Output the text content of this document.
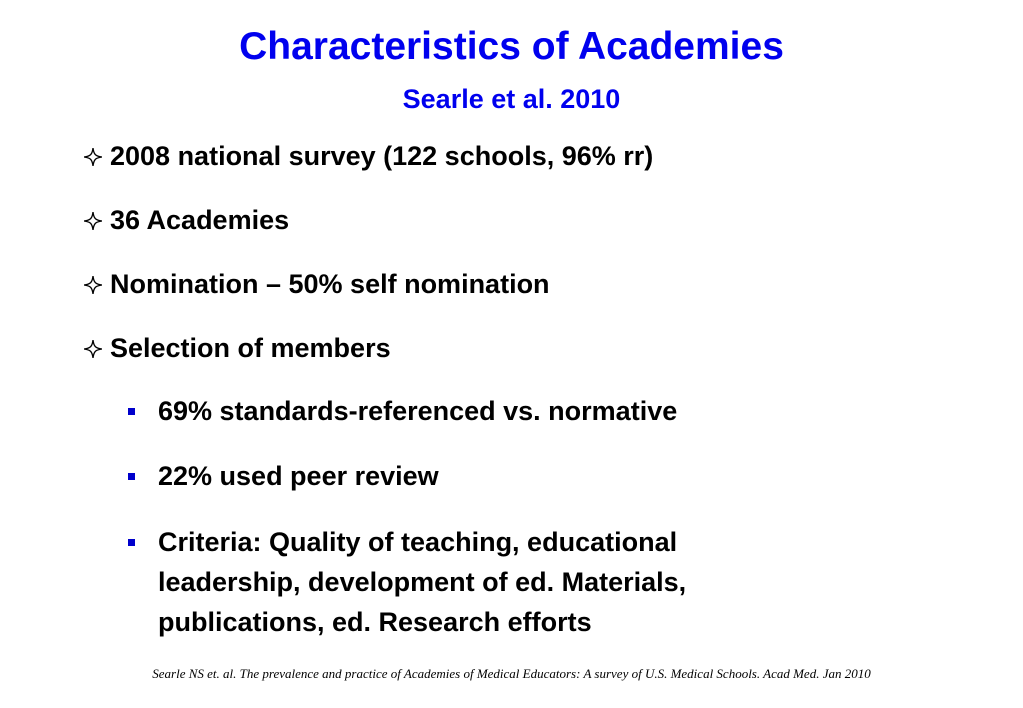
Characteristics of Academies
Searle et al. 2010
2008 national survey (122 schools, 96% rr)
36 Academies
Nomination – 50% self nomination
Selection of members
69% standards-referenced vs. normative
22% used peer review
Criteria: Quality of teaching, educational
leadership, development of ed. Materials,
publications, ed. Research efforts
Searle NS et. al. The prevalence and practice of Academies of Medical Educators: A survey of U.S. Medical Schools. Acad Med. Jan 2010
